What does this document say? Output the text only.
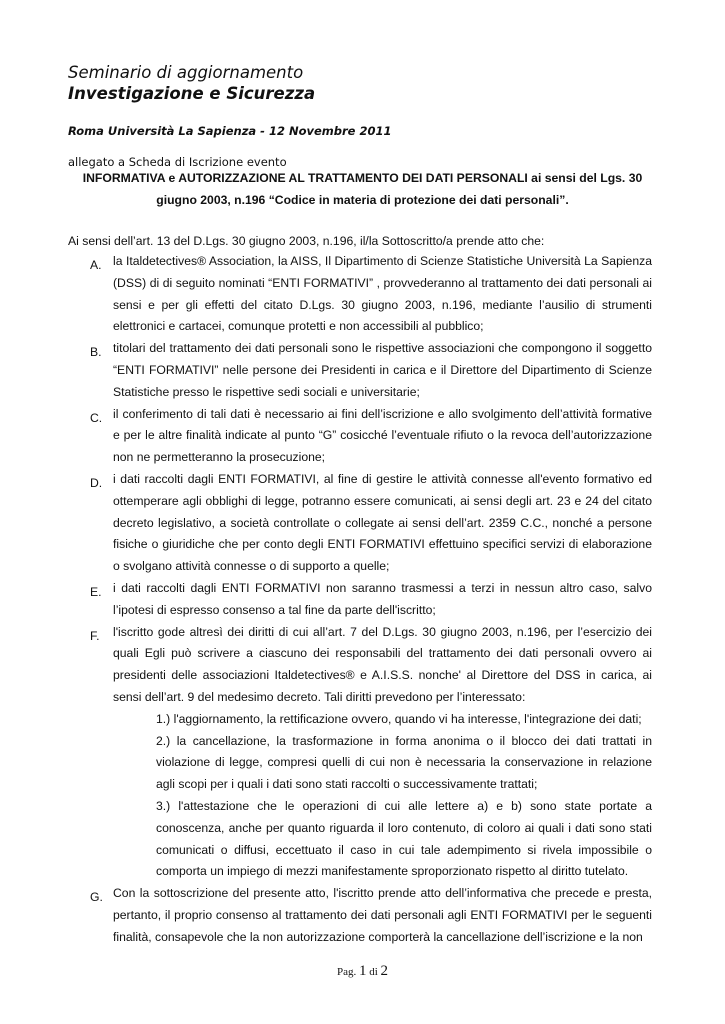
Seminario di aggiornamento
Investigazione e Sicurezza
Roma Università La Sapienza - 12 Novembre 2011
allegato a Scheda di Iscrizione evento
INFORMATIVA e AUTORIZZAZIONE AL TRATTAMENTO DEI DATI PERSONALI ai sensi del Lgs. 30
giugno 2003, n.196 “Codice in materia di protezione dei dati personali”.
Ai sensi dell’art. 13 del D.Lgs. 30 giugno 2003, n.196, il/la Sottoscritto/a prende atto che:
A. la Italdetectives® Association, la AISS, Il Dipartimento di Scienze Statistiche Università La Sapienza (DSS) di di seguito nominati “ENTI FORMATIVI” , provvederanno al trattamento dei dati personali ai sensi e per gli effetti del citato D.Lgs. 30 giugno 2003, n.196, mediante l’ausilio di strumenti elettronici e cartacei, comunque protetti e non accessibili al pubblico;
B. titolari del trattamento dei dati personali sono le rispettive associazioni che compongono il soggetto “ENTI FORMATIVI” nelle persone dei Presidenti in carica e il Direttore del Dipartimento di Scienze Statistiche presso le rispettive sedi sociali e universitarie;
C. il conferimento di tali dati è necessario ai fini dell’iscrizione e allo svolgimento dell’attività formative e per le altre finalità indicate al punto “G” cosicché l’eventuale rifiuto o la revoca dell’autorizzazione non ne permetteranno la prosecuzione;
D. i dati raccolti dagli ENTI FORMATIVI, al fine di gestire le attività connesse all'evento formativo ed ottemperare agli obblighi di legge, potranno essere comunicati, ai sensi degli art. 23 e 24 del citato decreto legislativo, a società controllate o collegate ai sensi dell’art. 2359 C.C., nonché a persone fisiche o giuridiche che per conto degli ENTI FORMATIVI effettuino specifici servizi di elaborazione o svolgano attività connesse o di supporto a quelle;
E. i dati raccolti dagli ENTI FORMATIVI non saranno trasmessi a terzi in nessun altro caso, salvo l’ipotesi di espresso consenso a tal fine da parte dell'iscritto;
F. l'iscritto gode altresì dei diritti di cui all’art. 7 del D.Lgs. 30 giugno 2003, n.196, per l’esercizio dei quali Egli può scrivere a ciascuno dei responsabili del trattamento dei dati personali ovvero ai presidenti delle associazioni Italdetectives® e A.I.S.S. nonche' al Direttore del DSS in carica, ai sensi dell’art. 9 del medesimo decreto. Tali diritti prevedono per l’interessato:
1.) l'aggiornamento, la rettificazione ovvero, quando vi ha interesse, l'integrazione dei dati;
2.) la cancellazione, la trasformazione in forma anonima o il blocco dei dati trattati in violazione di legge, compresi quelli di cui non è necessaria la conservazione in relazione agli scopi per i quali i dati sono stati raccolti o successivamente trattati;
3.) l'attestazione che le operazioni di cui alle lettere a) e b) sono state portate a conoscenza, anche per quanto riguarda il loro contenuto, di coloro ai quali i dati sono stati comunicati o diffusi, eccettuato il caso in cui tale adempimento si rivela impossibile o comporta un impiego di mezzi manifestamente sproporzionato rispetto al diritto tutelato.
G. Con la sottoscrizione del presente atto, l'iscritto prende atto dell’informativa che precede e presta, pertanto, il proprio consenso al trattamento dei dati personali agli ENTI FORMATIVI per le seguenti finalità, consapevole che la non autorizzazione comporterà la cancellazione dell’iscrizione e la non
Pag. 1 di 2
